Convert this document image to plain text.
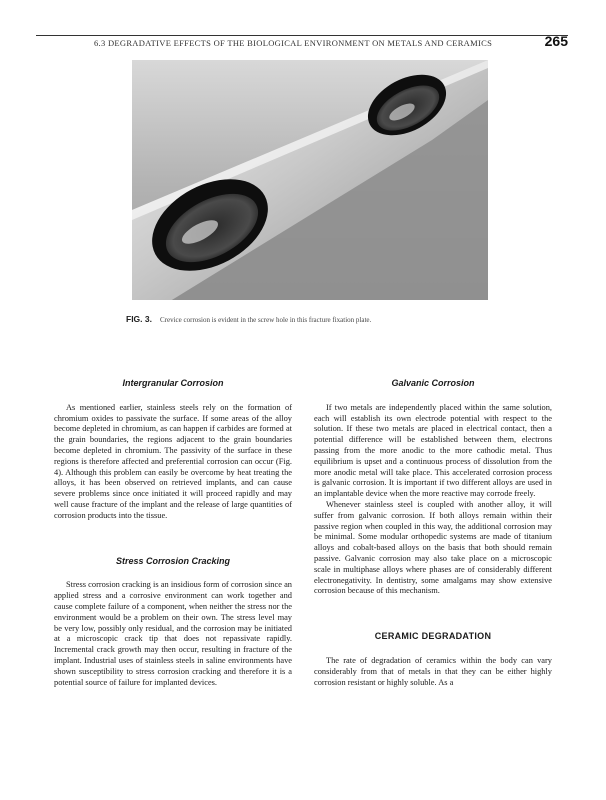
6.3 DEGRADATIVE EFFECTS OF THE BIOLOGICAL ENVIRONMENT ON METALS AND CERAMICS	265
FIG. 3. Crevice corrosion is evident in the screw hole in this fracture fixation plate.
Intergranular Corrosion

As mentioned earlier, stainless steels rely on the formation of chromium oxides to passivate the surface. If some areas of the alloy become depleted in chromium, as can happen if carbides are formed at the grain boundaries, the regions adjacent to the grain boundaries become depleted in chromium. The passivity of the surface in these regions is therefore affected and preferential corrosion can occur (Fig. 4). Although this problem can easily be overcome by heat treating the alloys, it has been observed on retrieved implants, and can cause severe problems since once initiated it will proceed rapidly and may well cause fracture of the implant and the release of large quantities of corrosion products into the tissue.

Stress Corrosion Cracking

Stress corrosion cracking is an insidious form of corrosion since an applied stress and a corrosive environment can work together and cause complete failure of a component, when neither the stress nor the environment would be a problem on their own. The stress level may be very low, possibly only residual, and the corrosion may be initiated at a microscopic crack tip that does not repassivate rapidly. Incremental crack growth may then occur, resulting in fracture of the implant. Industrial uses of stainless steels in saline environments have shown susceptibility to stress corrosion cracking and therefore it is a potential source of failure for implanted devices.

Galvanic Corrosion

If two metals are independently placed within the same solution, each will establish its own electrode potential with respect to the solution. If these two metals are placed in electrical contact, then a potential difference will be established between them, electrons passing from the more anodic to the more cathodic metal. Thus equilibrium is upset and a continuous process of dissolution from the more anodic metal will take place. This accelerated corrosion process is galvanic corrosion. It is important if two different alloys are used in an implantable device when the more reactive may corrode freely.

Whenever stainless steel is coupled with another alloy, it will suffer from galvanic corrosion. If both alloys remain within their passive region when coupled in this way, the additional corrosion may be minimal. Some modular orthopedic systems are made of titanium alloys and cobalt-based alloys on the basis that both should remain passive. Galvanic corrosion may also take place on a microscopic scale in multiphase alloys where phases are of considerably different electronegativity. In dentistry, some amalgams may show extensive corrosion because of this mechanism.

CERAMIC DEGRADATION

The rate of degradation of ceramics within the body can vary considerably from that of metals in that they can be either highly corrosion resistant or highly soluble. As a
